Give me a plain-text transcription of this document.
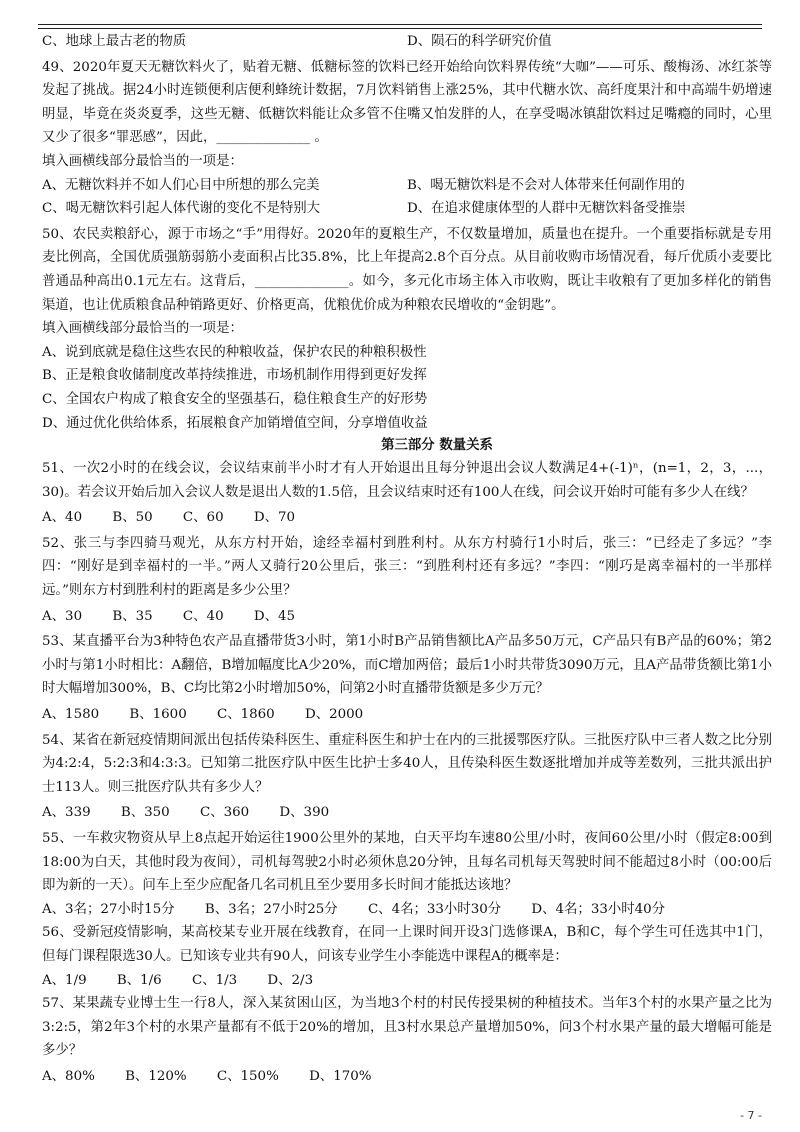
C、地球上最古老的物质	D、陨石的科学研究价值
49、2020年夏天无糖饮料火了，贴着无糖、低糖标签的饮料已经开始给向饮料界传统“大咖”——可乐、酸梅汤、冰红茶等发起了挑战。据24小时连锁便利店便利蜂统计数据，7月饮料销售上涨25%，其中代糖水饮、高纤度果汁和中高端牛奶增速明显，毕竟在炎炎夏季，这些无糖、低糖饮料能让众多管不住嘴又怕发胖的人，在享受喝冰镇甜饮料过足嘴瘾的同时，心里又少了很多“罪恶感”，因此，______________ 。
填入画横线部分最恰当的一项是：
A、无糖饮料并不如人们心目中所想的那么完美	B、喝无糖饮料是不会对人体带来任何副作用的
C、喝无糖饮料引起人体代谢的变化不是特别大	D、在追求健康体型的人群中无糖饮料备受推崇
50、农民卖粮舒心，源于市场之“手”用得好。2020年的夏粮生产，不仅数量增加，质量也在提升。一个重要指标就是专用麦比例高，全国优质强筋弱筋小麦面积占比35.8%，比上年提高2.8个百分点。从目前收购市场情况看，每斤优质小麦要比普通品种高出0.1元左右。这背后，______________。如今，多元化市场主体入市收购，既让丰收粮有了更加多样化的销售渠道，也让优质粮食品种销路更好、价格更高，优粮优价成为种粮农民增收的“金钥匙”。
填入画横线部分最恰当的一项是：
A、说到底就是稳住这些农民的种粮收益，保护农民的种粮积极性
B、正是粮食收储制度改革持续推进，市场机制作用得到更好发挥
C、全国农户构成了粮食安全的坚强基石，稳住粮食生产的好形势
D、通过优化供给体系，拓展粮食产加销增值空间，分享增值收益
第三部分 数量关系
51、一次2小时的在线会议，会议结束前半小时才有人开始退出且每分钟退出会议人数满足4+(-1)ⁿ，(n=1，2，3，...，30)。若会议开始后加入会议人数是退出人数的1.5倍，且会议结束时还有100人在线，问会议开始时可能有多少人在线？
A、40 B、50 C、60 D、70
52、张三与李四骑马观光，从东方村开始，途经幸福村到胜利村。从东方村骑行1小时后，张三：“已经走了多远？”李四：“刚好是到幸福村的一半。”两人又骑行20公里后，张三：“到胜利村还有多远？”李四：“刚巧是离幸福村的一半那样远。”则东方村到胜利村的距离是多少公里？
A、30 B、35 C、40 D、45
53、某直播平台为3种特色农产品直播带货3小时，第1小时B产品销售额比A产品多50万元，C产品只有B产品的60%；第2小时与第1小时相比：A翻倍，B增加幅度比A少20%，而C增加两倍；最后1小时共带货3090万元，且A产品带货额比第1小时大幅增加300%，B、C均比第2小时增加50%，问第2小时直播带货额是多少万元？
A、1580 B、1600 C、1860 D、2000
54、某省在新冠疫情期间派出包括传染科医生、重症科医生和护士在内的三批援鄂医疗队。三批医疗队中三者人数之比分别为4:2:4，5:2:3和4:3:3。已知第二批医疗队中医生比护士多40人，且传染科医生数逐批增加并成等差数列，三批共派出护士113人。则三批医疗队共有多少人？
A、339 B、350 C、360 D、390
55、一车救灾物资从早上8点起开始运往1900公里外的某地，白天平均车速80公里/小时，夜间60公里/小时（假定8:00到18:00为白天，其他时段为夜间），司机每驾驶2小时必须休息20分钟，且每名司机每天驾驶时间不能超过8小时（00:00后即为新的一天）。问车上至少应配备几名司机且至少要用多长时间才能抵达该地？
A、3名；27小时15分 B、3名；27小时25分 C、4名；33小时30分 D、4名；33小时40分
56、受新冠疫情影响，某高校某专业开展在线教育，在同一上课时间开设3门选修课A，B和C，每个学生可任选其中1门，但每门课程限选30人。已知该专业共有90人，问该专业学生小李能选中课程A的概率是：
A、1/9 B、1/6 C、1/3 D、2/3
57、某果蔬专业博士生一行8人，深入某贫困山区，为当地3个村的村民传授果树的种植技术。当年3个村的水果产量之比为3:2:5，第2年3个村的水果产量都有不低于20%的增加，且3村水果总产量增加50%，问3个村水果产量的最大增幅可能是多少？
A、80% B、120% C、150% D、170%
- 7 -
